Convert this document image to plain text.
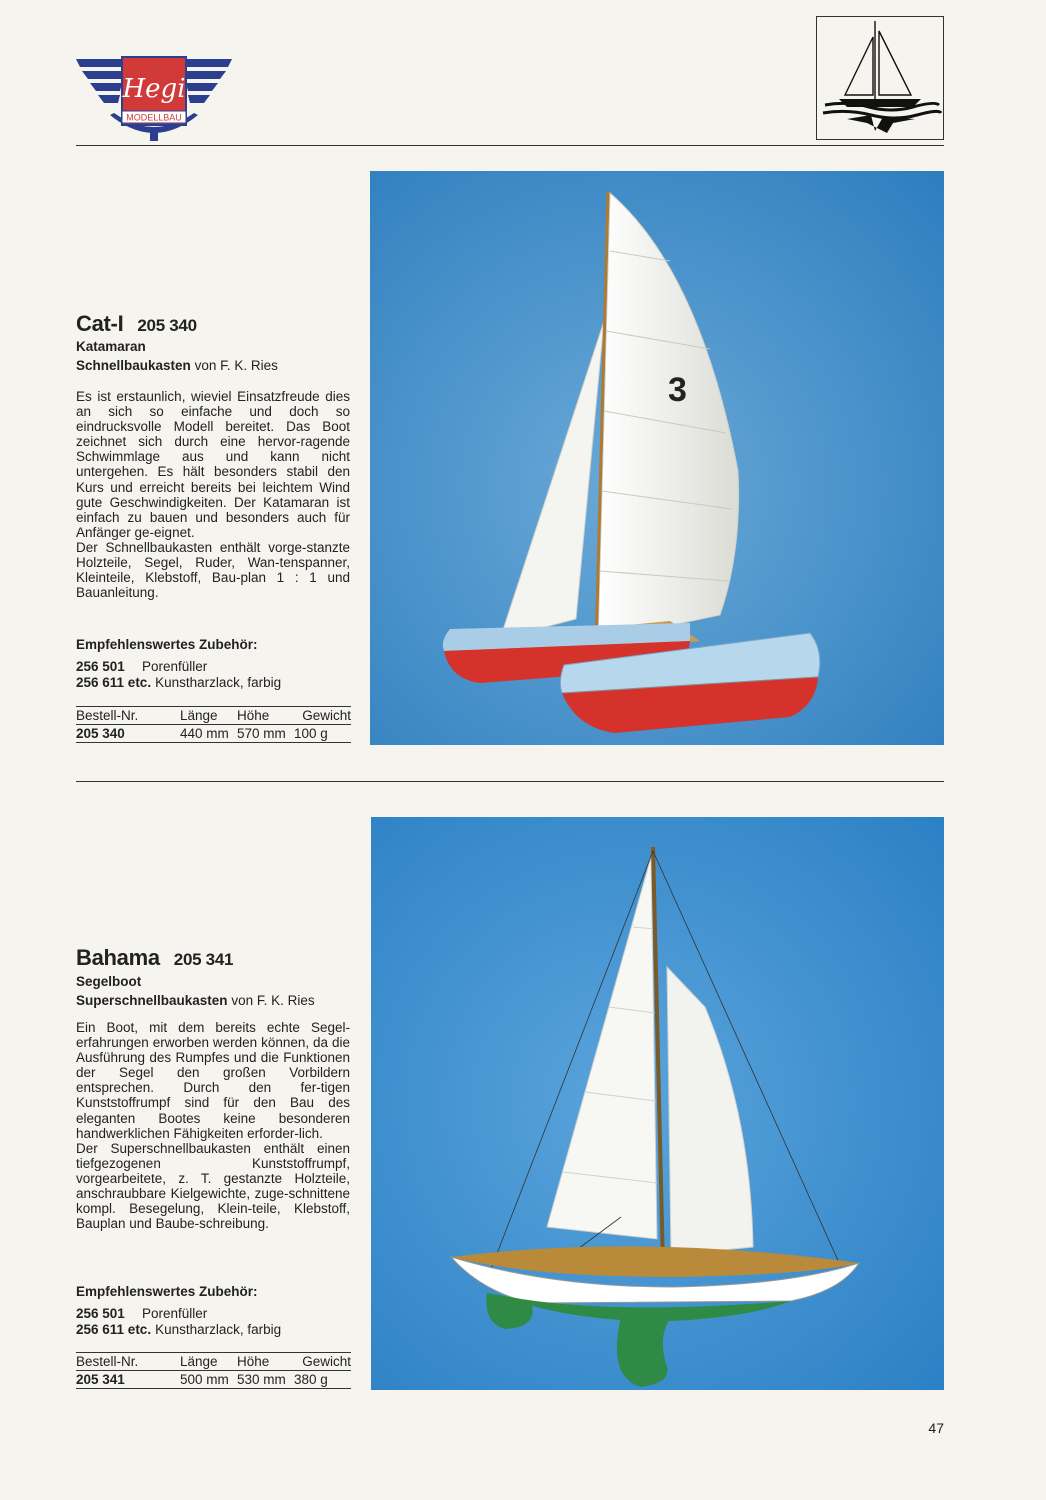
Hegi
MODELLBAU
Cat-I 205 340
Katamaran
Schnellbaukasten von F. K. Ries

Es ist erstaunlich, wieviel Einsatzfreude dies an sich so einfache und doch so eindrucksvolle Modell bereitet. Das Boot zeichnet sich durch eine hervor-ragende Schwimmlage aus und kann nicht untergehen. Es hält besonders stabil den Kurs und erreicht bereits bei leichtem Wind gute Geschwindigkeiten. Der Katamaran ist einfach zu bauen und besonders auch für Anfänger ge-eignet.

Der Schnellbaukasten enthält vorge-stanzte Holzteile, Segel, Ruder, Wan-tenspanner, Kleinteile, Klebstoff, Bau-plan 1 : 1 und Bauanleitung.

Empfehlenswertes Zubehör:
256 501 Porenfüller
256 611 etc. Kunstharzlack, farbig
Bestell-Nr.	Länge	Höhe	Gewicht
205 340	440 mm	570 mm	100 g
3
Bahama 205 341
Segelboot
Superschnellbaukasten von F. K. Ries

Ein Boot, mit dem bereits echte Segel-erfahrungen erworben werden können, da die Ausführung des Rumpfes und die Funktionen der Segel den großen Vorbildern entsprechen. Durch den fer-tigen Kunststoffrumpf sind für den Bau des eleganten Bootes keine besonderen handwerklichen Fähigkeiten erforder-lich.

Der Superschnellbaukasten enthält einen tiefgezogenen Kunststoffrumpf, vorgearbeitete, z. T. gestanzte Holzteile, anschraubbare Kielgewichte, zuge-schnittene kompl. Besegelung, Klein-teile, Klebstoff, Bauplan und Baube-schreibung.

Empfehlenswertes Zubehör:
256 501 Porenfüller
256 611 etc. Kunstharzlack, farbig
Bestell-Nr.	Länge	Höhe	Gewicht
205 341	500 mm	530 mm	380 g
47
